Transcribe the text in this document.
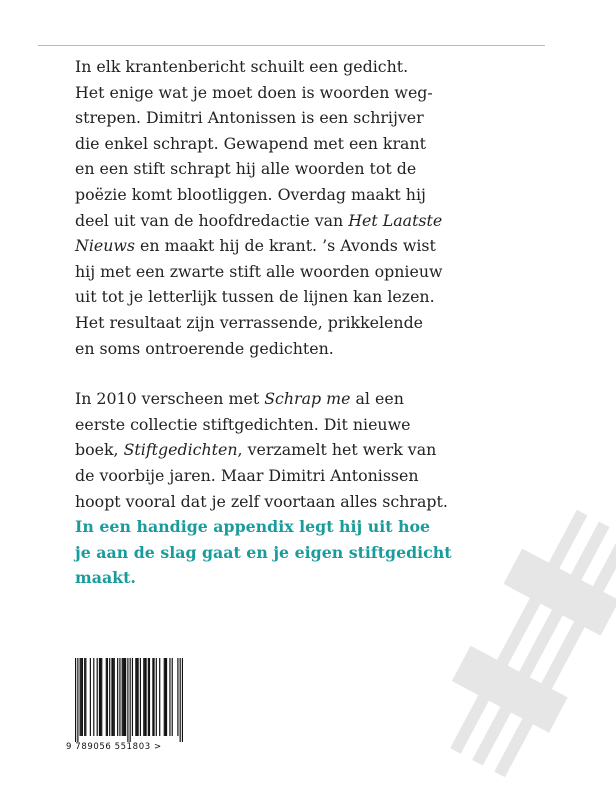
In elk krantenbericht schuilt een gedicht.
Het enige wat je moet doen is woorden weg-
strepen. Dimitri Antonissen is een schrijver
die enkel schrapt. Gewapend met een krant
en een stift schrapt hij alle woorden tot de
poëzie komt blootliggen. Overdag maakt hij
deel uit van de hoofdredactie van Het Laatste
Nieuws en maakt hij de krant. ’s Avonds wist
hij met een zwarte stift alle woorden opnieuw
uit tot je letterlijk tussen de lijnen kan lezen.
Het resultaat zijn verrassende, prikkelende
en soms ontroerende gedichten.
In 2010 verscheen met Schrap me al een
eerste collectie stiftgedichten. Dit nieuwe
boek, Stiftgedichten, verzamelt het werk van
de voorbije jaren. Maar Dimitri Antonissen
hoopt vooral dat je zelf voortaan alles schrapt.
In een handige appendix legt hij uit hoe
je aan de slag gaat en je eigen stiftgedicht
maakt.
9 789056 551803 >
